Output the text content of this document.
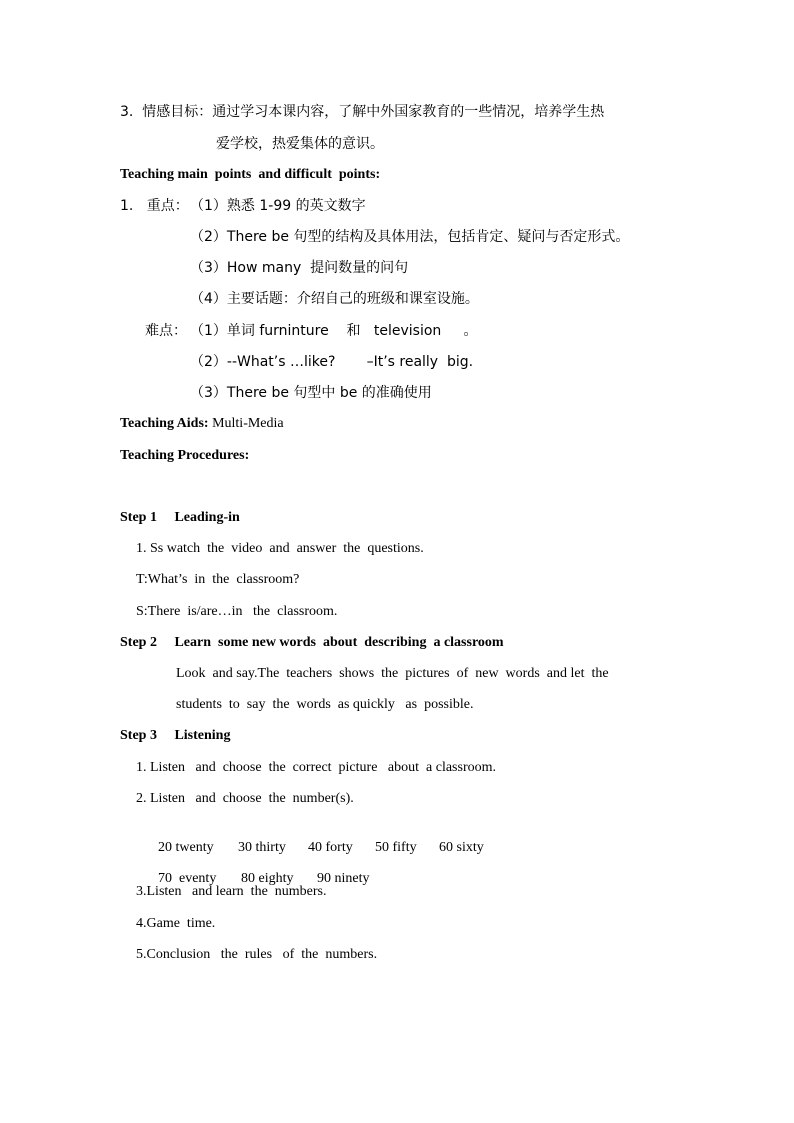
3.  情感目标：通过学习本课内容，了解中外国家教育的一些情况，培养学生热
爱学校，热爱集体的意识。
Teaching main  points  and difficult  points:
1.   重点： （1）熟悉 1-99 的英文数字
（2）There be 句型的结构及具体用法，包括肯定、疑问与否定形式。
（3）How many  提问数量的问句
（4）主要话题：介绍自己的班级和课室设施。
难点： （1）单词 furninture    和   television     。
（2）--What’s …like?       –It’s really  big.
（3）There be 句型中 be 的准确使用
Teaching Aids: Multi-Media
Teaching Procedures:
Step 1     Leading-in
1. Ss watch  the  video  and  answer  the  questions.
T:What’s  in  the  classroom?
S:There  is/are…in   the  classroom.
Step 2     Learn  some new words  about  describing  a classroom
Look  and say.The  teachers  shows  the  pictures  of  new  words  and let  the
students  to  say  the  words  as quickly   as  possible.
Step 3     Listening
1. Listen   and  choose  the  correct  picture   about  a classroom.
2. Listen   and  choose  the  number(s).

20 twenty 30 thirty 40 forty 50 fifty 60 sixty

70  eventy 80 eighty 90 ninety

3.Listen   and learn  the  numbers.
4.Game  time.
5.Conclusion   the  rules   of  the  numbers.
